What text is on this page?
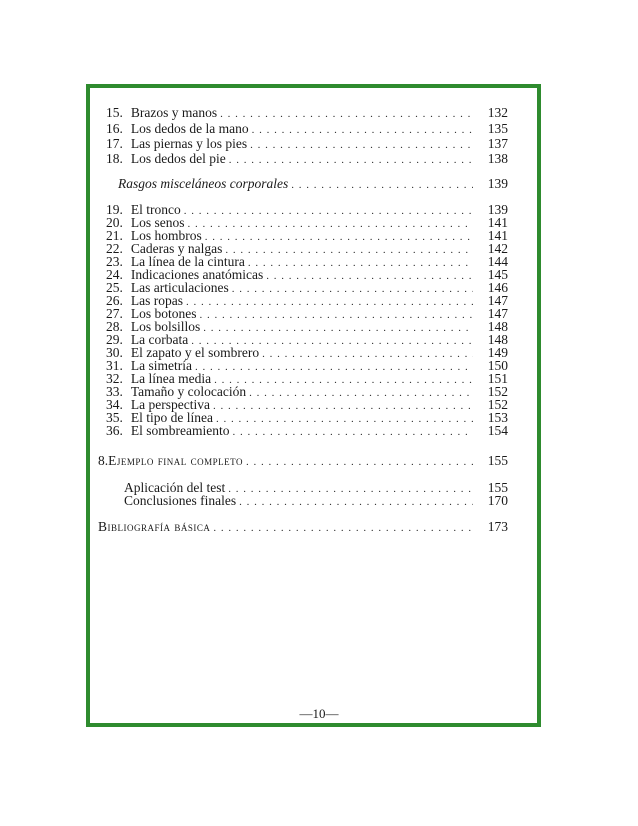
15. Brazos y manos . . .	132
16. Los dedos de la mano . . .	135
17. Las piernas y los pies . . .	137
18. Los dedos del pie . . .	138
Rasgos misceláneos corporales . . .	139
19. El tronco . . .	139
20. Los senos . . .	141
21. Los hombros . . .	141
22. Caderas y nalgas . . .	142
23. La línea de la cintura . . .	144
24. Indicaciones anatómicas . . .	145
25. Las articulaciones . . .	146
26. Las ropas . . .	147
27. Los botones . . .	147
28. Los bolsillos . . .	148
29. La corbata . . .	148
30. El zapato y el sombrero . . .	149
31. La simetría . . .	150
32. La línea media . . .	151
33. Tamaño y colocación . . .	152
34. La perspectiva . . .	152
35. El tipo de línea . . .	153
36. El sombreamiento . . .	154
8. Ejemplo final completo . . .	155
Aplicación del test . . .	155
Conclusiones finales . . .	170
Bibliografía básica . . .	173
—10—
